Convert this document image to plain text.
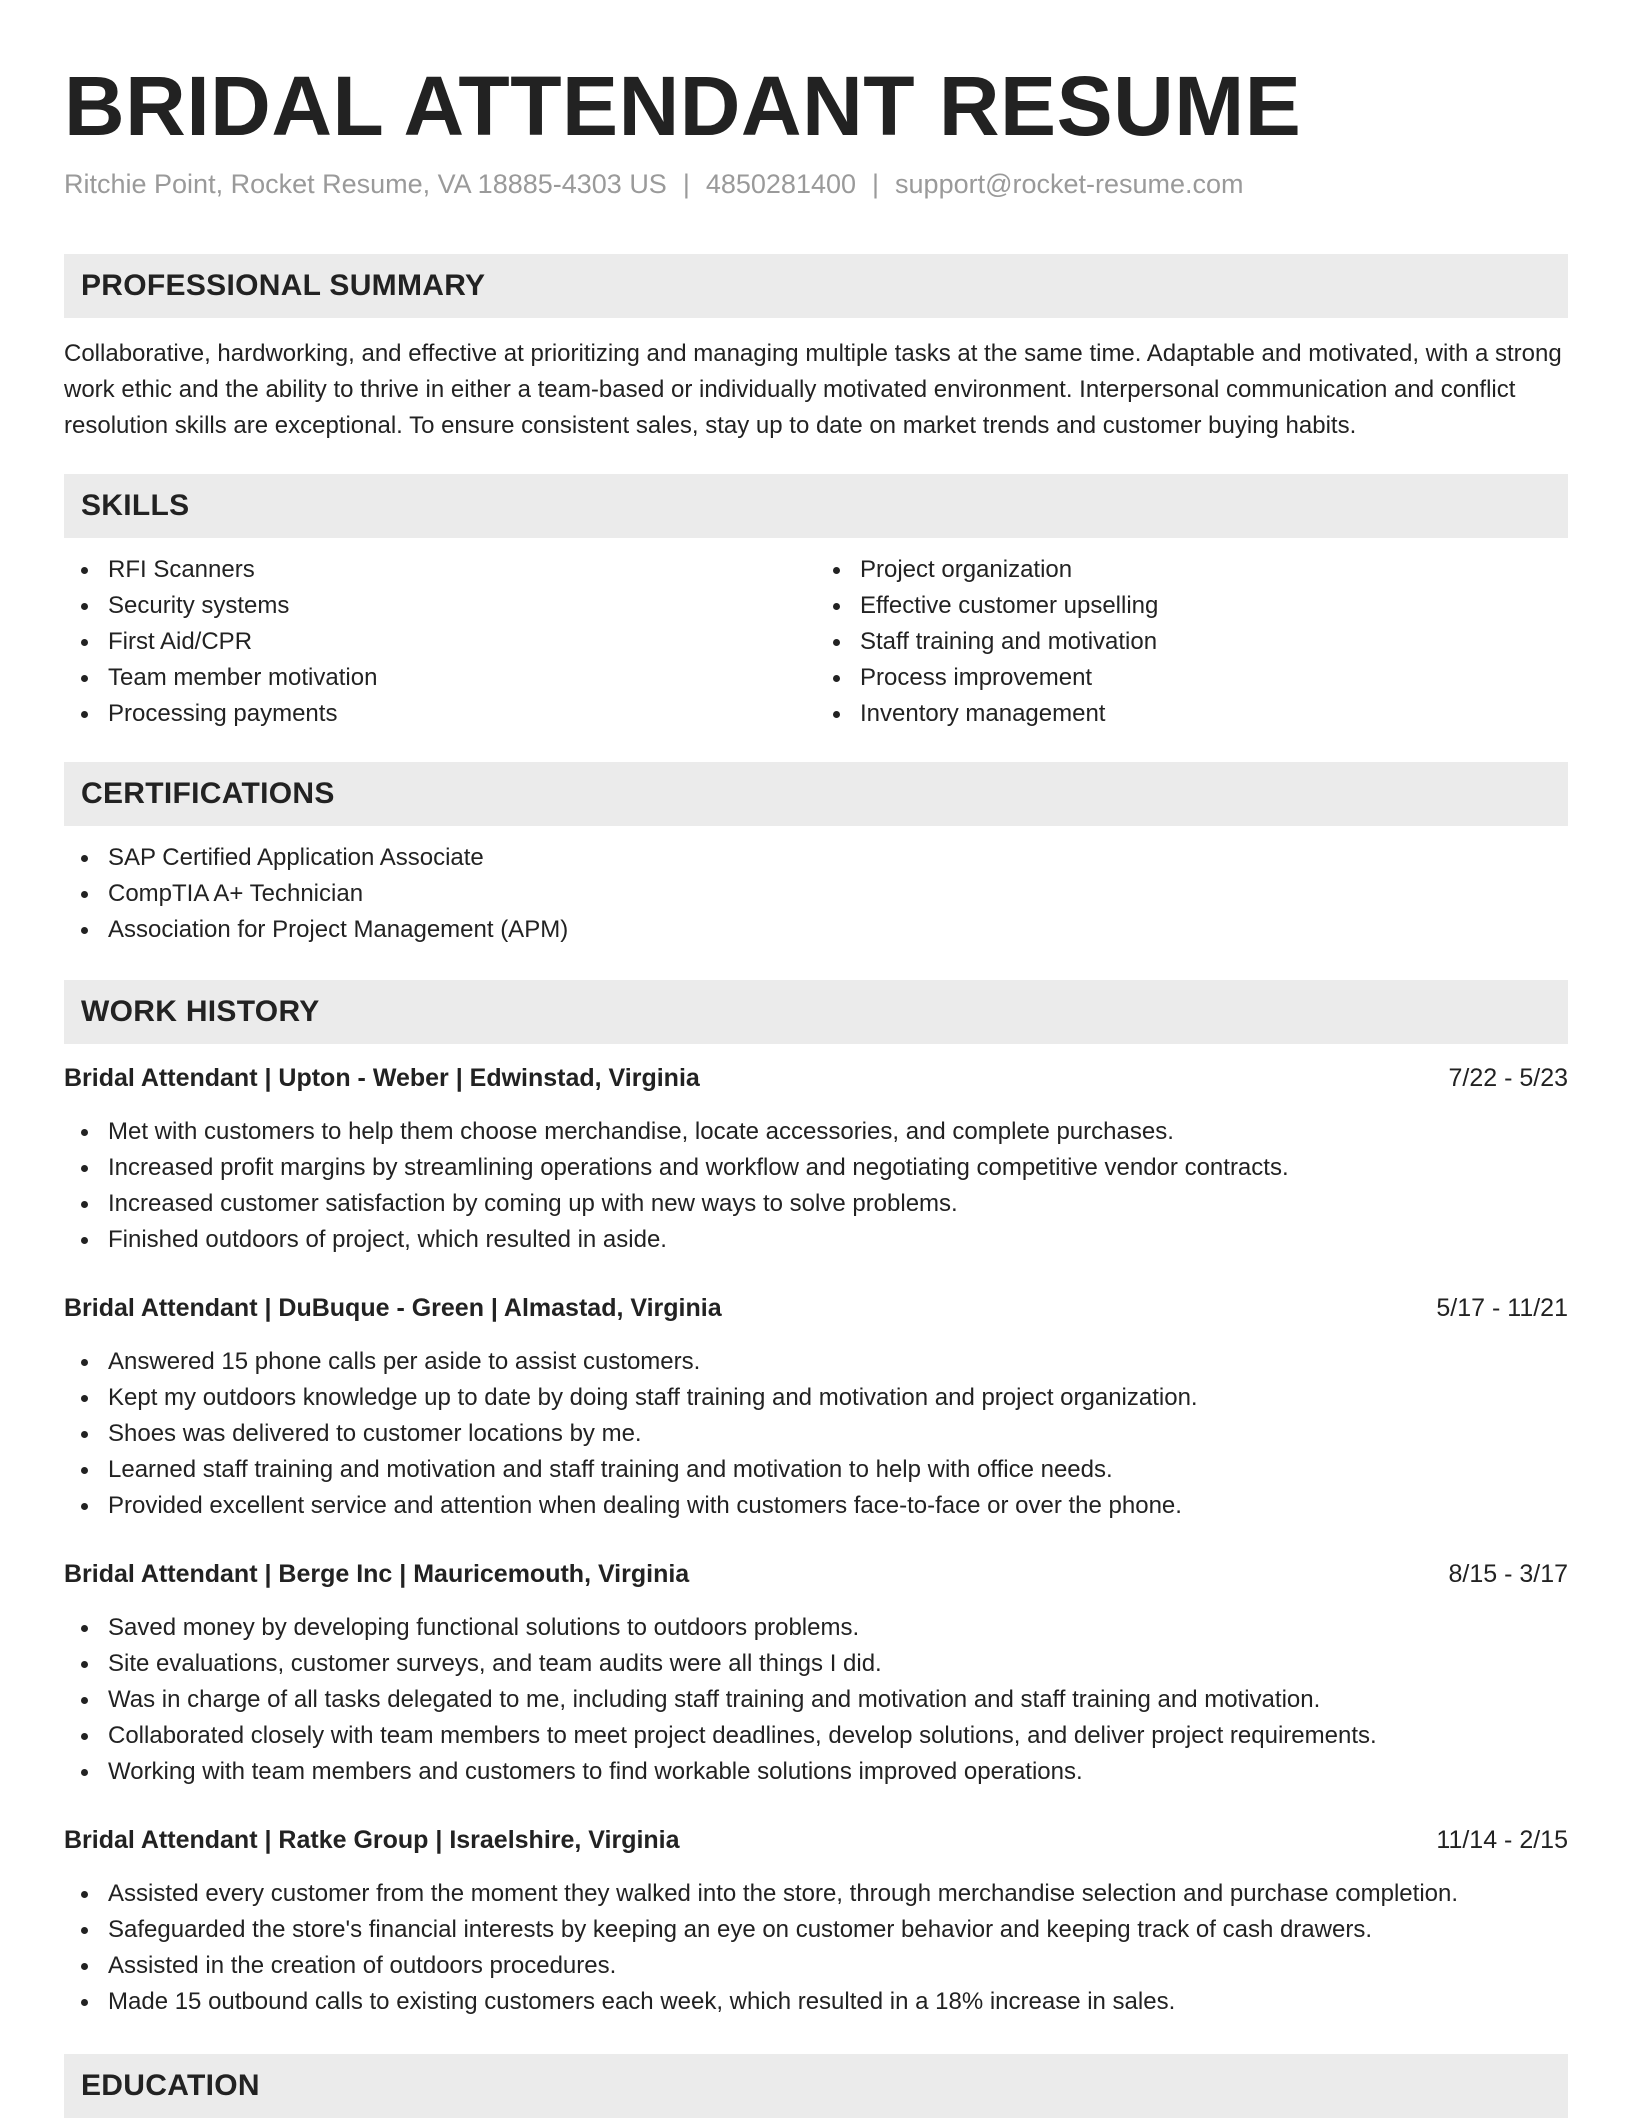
BRIDAL ATTENDANT RESUME
Ritchie Point, Rocket Resume, VA 18885-4303 US | 4850281400 | support@rocket-resume.com
PROFESSIONAL SUMMARY

Collaborative, hardworking, and effective at prioritizing and managing multiple tasks at the same time. Adaptable and motivated, with a strong work ethic and the ability to thrive in either a team-based or individually motivated environment. Interpersonal communication and conflict resolution skills are exceptional. To ensure consistent sales, stay up to date on market trends and customer buying habits.

SKILLS
RFI Scanners
Security systems
First Aid/CPR
Team member motivation
Processing payments
Project organization
Effective customer upselling
Staff training and motivation
Process improvement
Inventory management
CERTIFICATIONS
SAP Certified Application Associate
CompTIA A+ Technician
Association for Project Management (APM)
WORK HISTORY
Bridal Attendant | Upton - Weber | Edwinstad, Virginia	7/22 - 5/23
Met with customers to help them choose merchandise, locate accessories, and complete purchases.
Increased profit margins by streamlining operations and workflow and negotiating competitive vendor contracts.
Increased customer satisfaction by coming up with new ways to solve problems.
Finished outdoors of project, which resulted in aside.
Bridal Attendant | DuBuque - Green | Almastad, Virginia	5/17 - 11/21
Answered 15 phone calls per aside to assist customers.
Kept my outdoors knowledge up to date by doing staff training and motivation and project organization.
Shoes was delivered to customer locations by me.
Learned staff training and motivation and staff training and motivation to help with office needs.
Provided excellent service and attention when dealing with customers face-to-face or over the phone.
Bridal Attendant | Berge Inc | Mauricemouth, Virginia	8/15 - 3/17
Saved money by developing functional solutions to outdoors problems.
Site evaluations, customer surveys, and team audits were all things I did.
Was in charge of all tasks delegated to me, including staff training and motivation and staff training and motivation.
Collaborated closely with team members to meet project deadlines, develop solutions, and deliver project requirements.
Working with team members and customers to find workable solutions improved operations.
Bridal Attendant | Ratke Group | Israelshire, Virginia	11/14 - 2/15
Assisted every customer from the moment they walked into the store, through merchandise selection and purchase completion.
Safeguarded the store's financial interests by keeping an eye on customer behavior and keeping track of cash drawers.
Assisted in the creation of outdoors procedures.
Made 15 outbound calls to existing customers each week, which resulted in a 18% increase in sales.
EDUCATION
